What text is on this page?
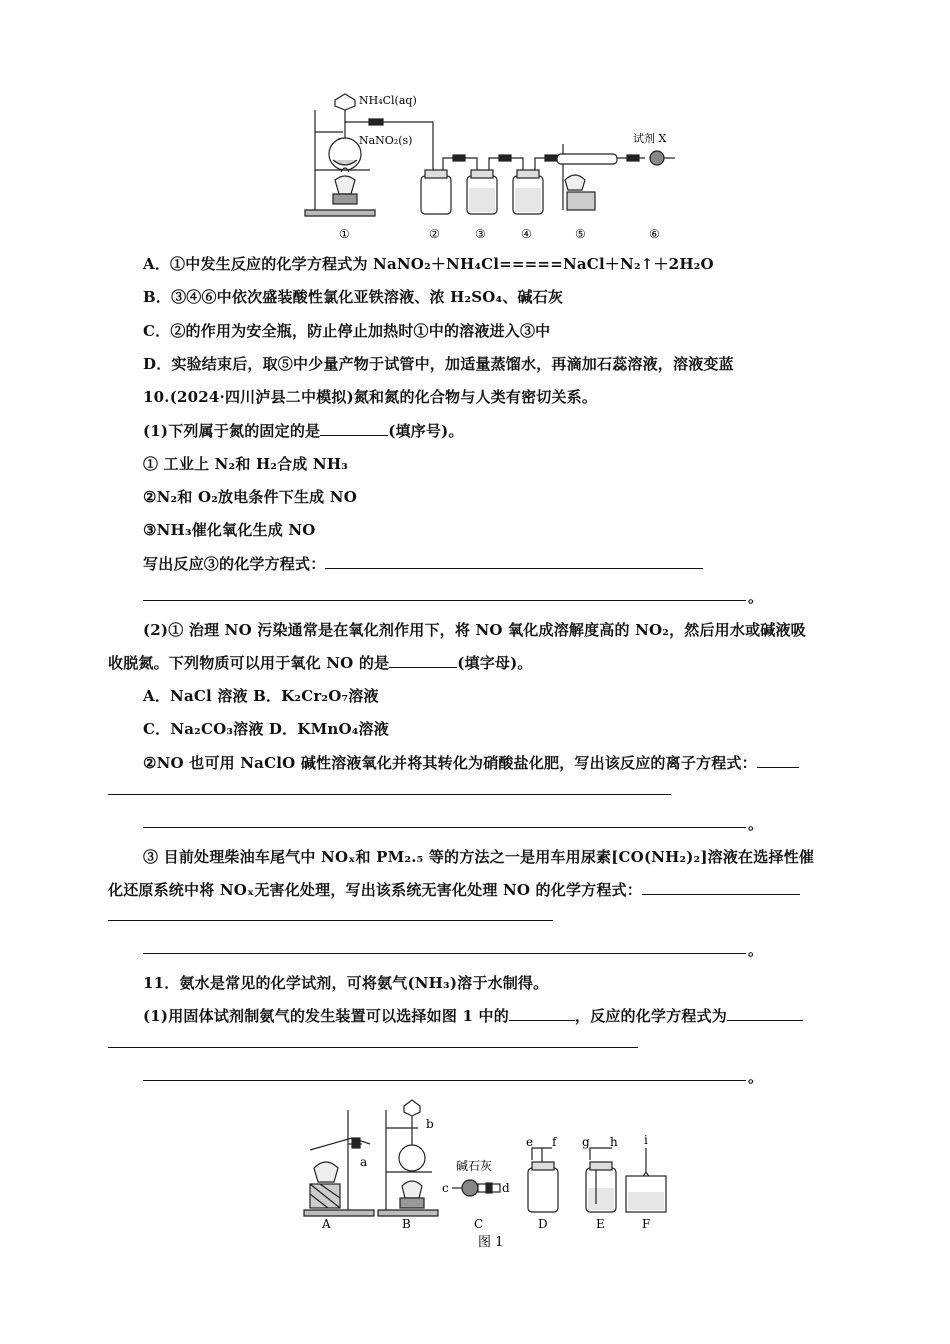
NH₄Cl(aq)
NaNO₂(s)	试剂 X
①	②	③	④	⑤	⑥
A．①中发生反应的化学方程式为 NaNO₂＋NH₄Cl=====NaCl＋N₂↑＋2H₂O
B．③④⑥中依次盛装酸性氯化亚铁溶液、浓 H₂SO₄、碱石灰
C．②的作用为安全瓶，防止停止加热时①中的溶液进入③中
D．实验结束后，取⑤中少量产物于试管中，加适量蒸馏水，再滴加石蕊溶液，溶液变蓝
10.(2024·四川泸县二中模拟)氮和氮的化合物与人类有密切关系。
(1)下列属于氮的固定的是	(填序号)。
① 工业上 N₂和 H₂合成 NH₃
②N₂和 O₂放电条件下生成 NO
③NH₃催化氧化生成 NO
写出反应③的化学方程式：
。
(2)① 治理 NO 污染通常是在氧化剂作用下，将 NO 氧化成溶解度高的 NO₂，然后用水或碱液吸
收脱氮。下列物质可以用于氧化 NO 的是	(填字母)。
A．NaCl 溶液 B．K₂Cr₂O₇溶液
C．Na₂CO₃溶液 D．KMnO₄溶液
②NO 也可用 NaClO 碱性溶液氧化并将其转化为硝酸盐化肥，写出该反应的离子方程式：
。
③ 目前处理柴油车尾气中 NOₓ和 PM₂.₅ 等的方法之一是用车用尿素[CO(NH₂)₂]溶液在选择性催
化还原系统中将 NOₓ无害化处理，写出该系统无害化处理 NO 的化学方程式：
。
11．氨水是常见的化学试剂，可将氨气(NH₃)溶于水制得。
(1)用固体试剂制氨气的发生装置可以选择如图 1 中的	，反应的化学方程式为
。
a
b
碱石灰
c	d
e f g h i
A	B	C	D	E	F
图 1
